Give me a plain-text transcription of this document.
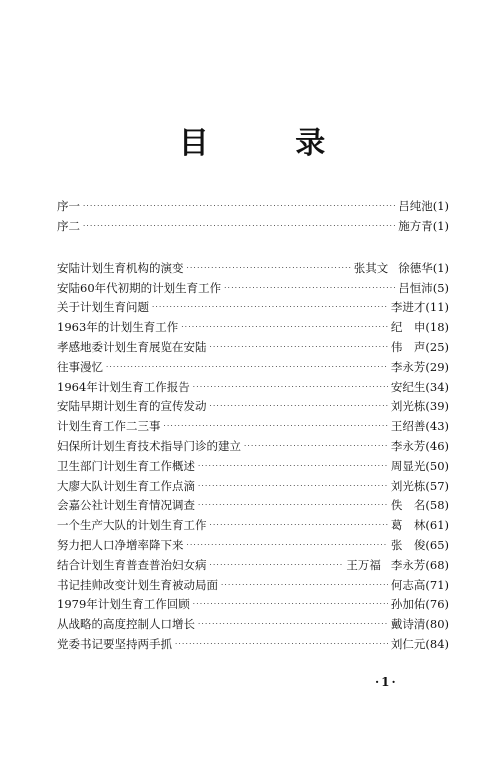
目 录
序一 ·····	吕纯池 (1)
序二 ·····	施方青 (1)
安陆计划生育机构的演变 ·····	张其文 徐德华 (1)
安陆60年代初期的计划生育工作 ·····	吕恒沛 (5)
关于计划生育问题 ·····	李进才 (11)
1963年的计划生育工作 ·····	纪　申 (18)
孝感地委计划生育展览在安陆 ·····	伟　声 (25)
往事漫忆 ·····	李永芳 (29)
1964年计划生育工作报告 ·····	安纪生 (34)
安陆早期计划生育的宣传发动 ·····	刘光栋 (39)
计划生育工作二三事 ·····	王绍善 (43)
妇保所计划生育技术指导门诊的建立 ·····	李永芳 (46)
卫生部门计划生育工作概述 ·····	周显光 (50)
大廖大队计划生育工作点滴 ·····	刘光栋 (57)
会嘉公社计划生育情况调查 ·····	佚　名 (58)
一个生产大队的计划生育工作 ·····	葛　林 (61)
努力把人口净增率降下来 ·····	张　俊 (65)
结合计划生育普查普治妇女病 ·····	王万福 李永芳 (68)
书记挂帅改变计划生育被动局面 ·····	何志高 (71)
1979年计划生育工作回顾 ·····	孙加佑 (76)
从战略的高度控制人口增长 ·····	戴诗清 (80)
党委书记要坚持两手抓 ·····	刘仁元 (84)
·1·
